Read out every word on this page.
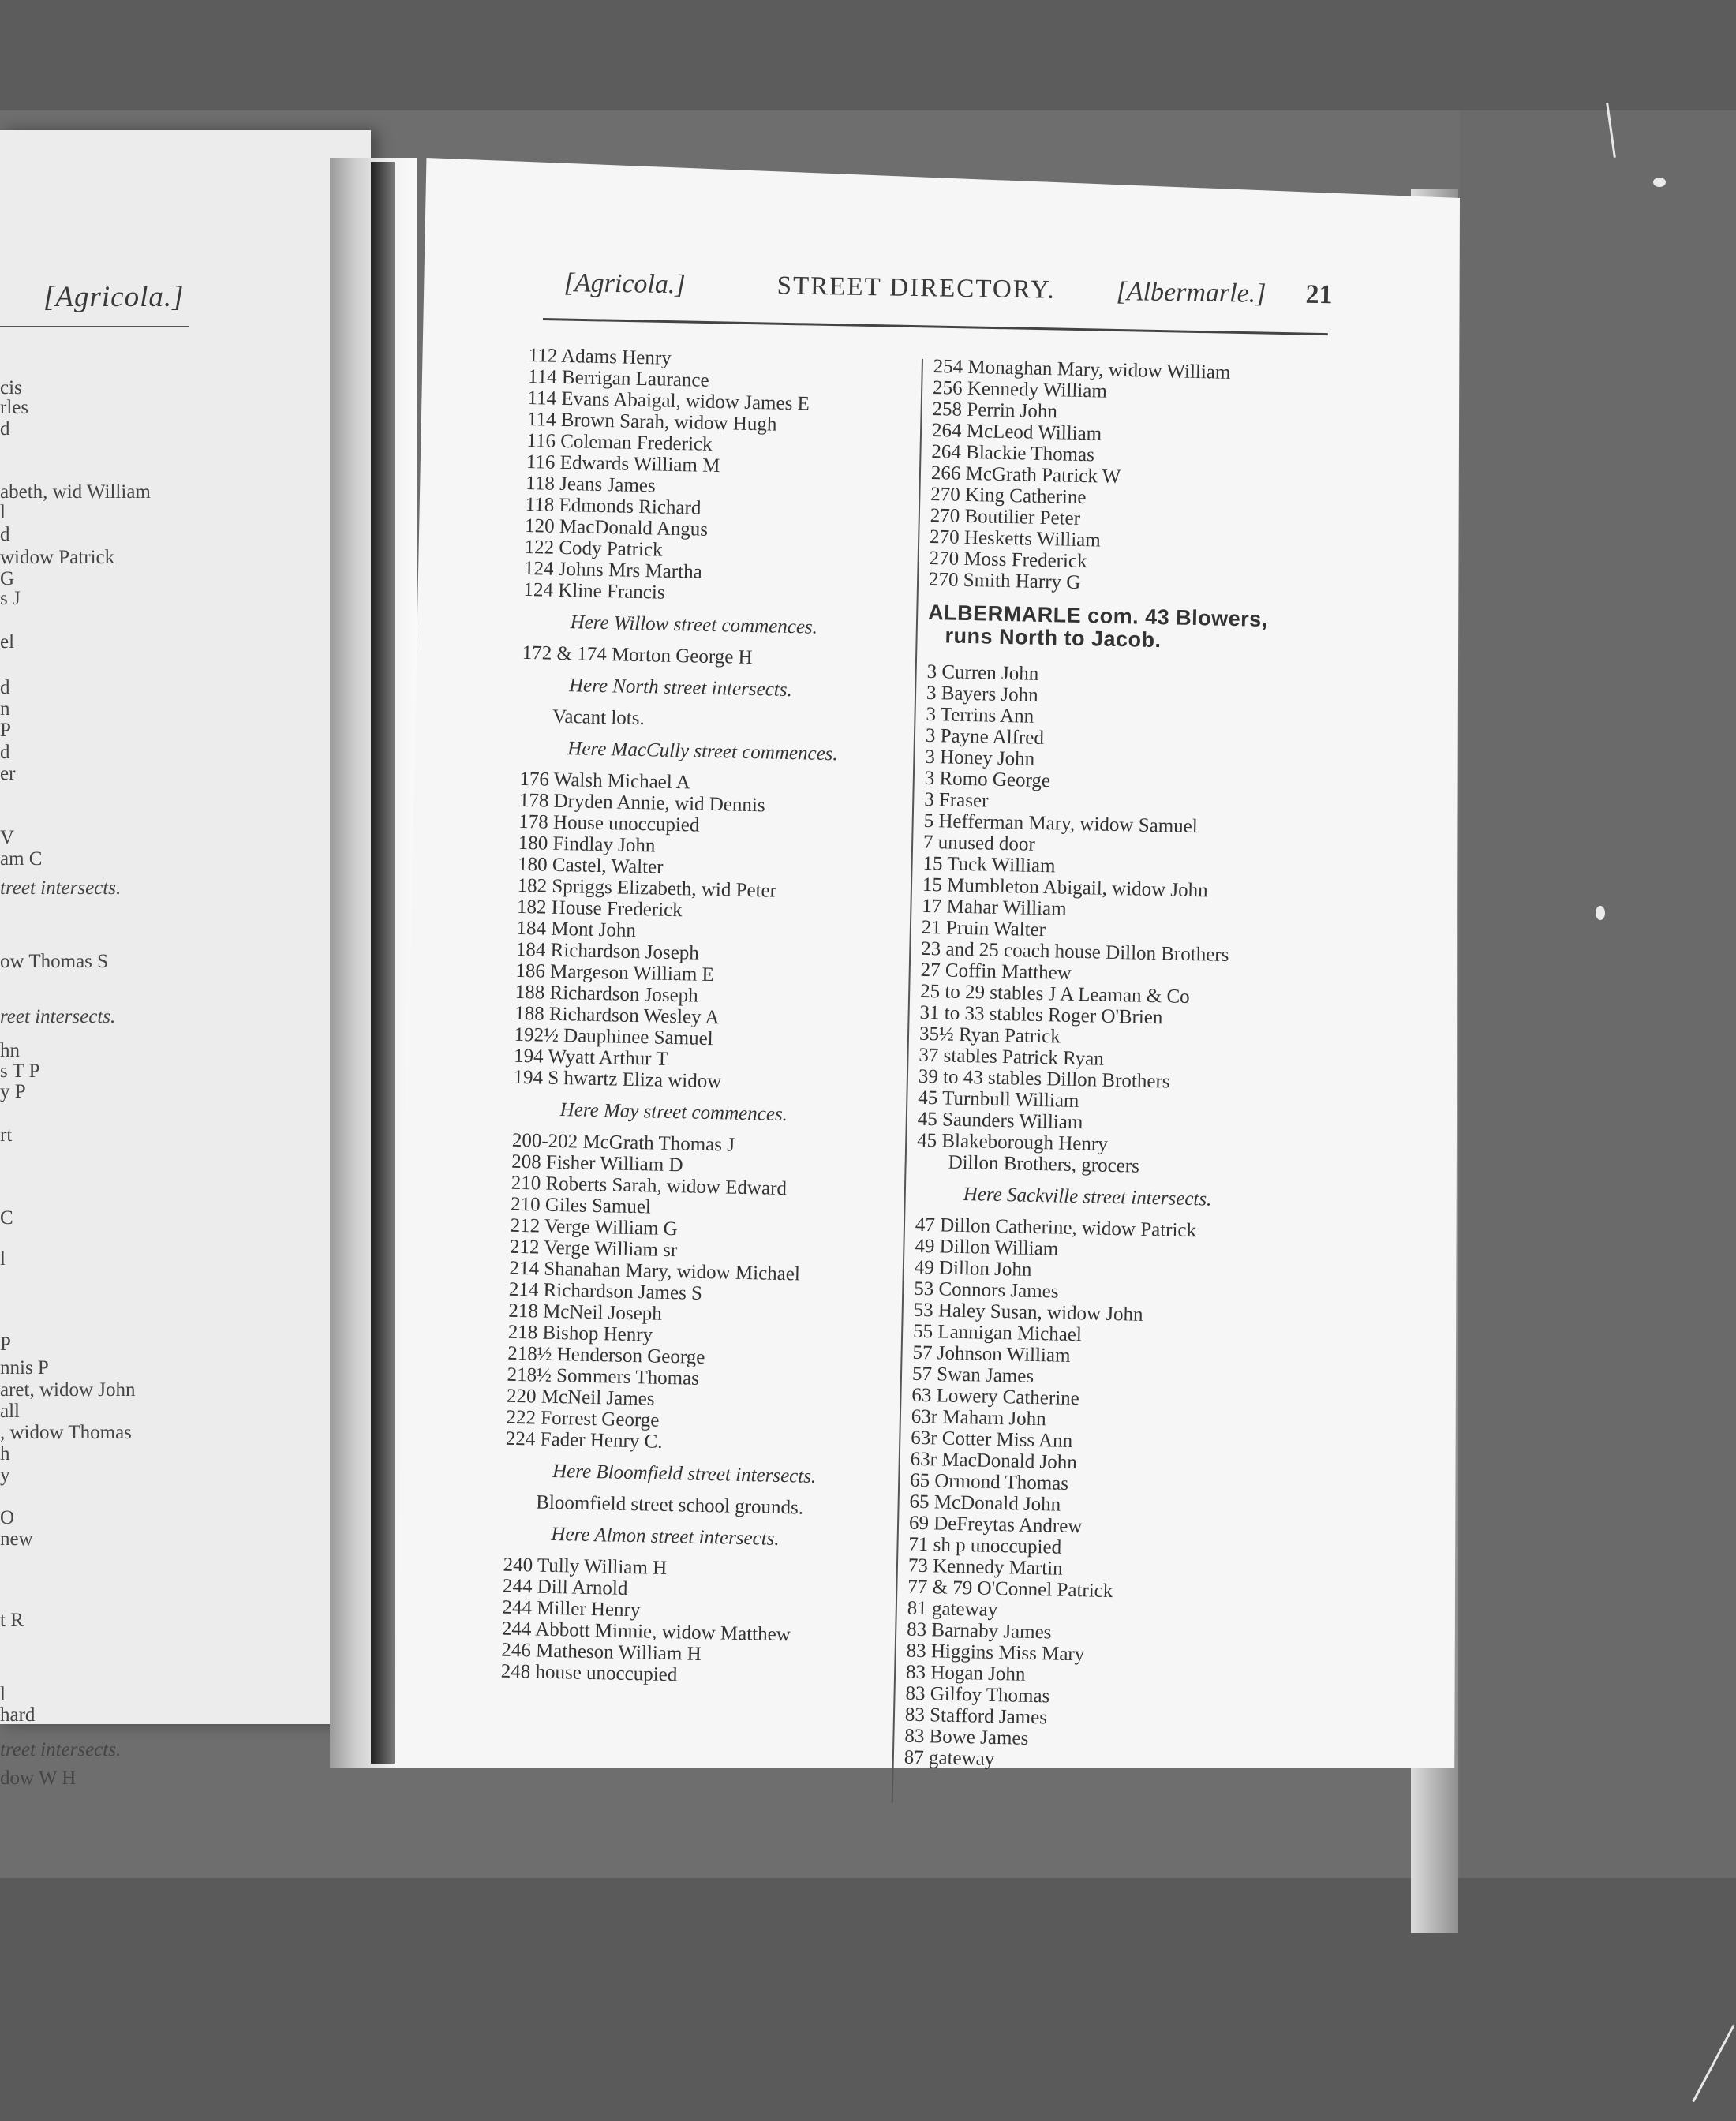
[Agricola.]
cis
rles
d
abeth, wid William
l
d
widow Patrick
G
s J
el
d
n
P
d
er
V
am C
treet intersects.
ow Thomas S
reet intersects.
hn
s T P
y P
rt
C
l
P
nnis P
aret, widow John
all
, widow Thomas
h
y
O
new
t R
l
hard
treet intersects.
dow W H
[Agricola.]	STREET DIRECTORY. [Albermarle.] 21
112 Adams Henry
114 Berrigan Laurance
114 Evans Abaigal, widow James E
114 Brown Sarah, widow Hugh
116 Coleman Frederick
116 Edwards William M
118 Jeans James
118 Edmonds Richard
120 MacDonald Angus
122 Cody Patrick
124 Johns Mrs Martha
124 Kline Francis
Here Willow street commences.
172 & 174 Morton George H
Here North street intersects.
Vacant lots.
Here MacCully street commences.
176 Walsh Michael A
178 Dryden Annie, wid Dennis
178 House unoccupied
180 Findlay John
180 Castel, Walter
182 Spriggs Elizabeth, wid Peter
182 House Frederick
184 Mont John
184 Richardson Joseph
186 Margeson William E
188 Richardson Joseph
188 Richardson Wesley A
192½ Dauphinee Samuel
194 Wyatt Arthur T
194 S hwartz Eliza widow
Here May street commences.
200-202 McGrath Thomas J
208 Fisher William D
210 Roberts Sarah, widow Edward
210 Giles Samuel
212 Verge William G
212 Verge William sr
214 Shanahan Mary, widow Michael
214 Richardson James S
218 McNeil Joseph
218 Bishop Henry
218½ Henderson George
218½ Sommers Thomas
220 McNeil James
222 Forrest George
224 Fader Henry C.
Here Bloomfield street intersects.
Bloomfield street school grounds.
Here Almon street intersects.
240 Tully William H
244 Dill Arnold
244 Miller Henry
244 Abbott Minnie, widow Matthew
246 Matheson William H
248 house unoccupied
254 Monaghan Mary, widow William
256 Kennedy William
258 Perrin John
264 McLeod William
264 Blackie Thomas
266 McGrath Patrick W
270 King Catherine
270 Boutilier Peter
270 Hesketts William
270 Moss Frederick
270 Smith Harry G
ALBERMARLE com. 43 Blowers,
runs North to Jacob.
3 Curren John
3 Bayers John
3 Terrins Ann
3 Payne Alfred
3 Honey John
3 Romo George
3 Fraser
5 Hefferman Mary, widow Samuel
7 unused door
15 Tuck William
15 Mumbleton Abigail, widow John
17 Mahar William
21 Pruin Walter
23 and 25 coach house Dillon Brothers
27 Coffin Matthew
25 to 29 stables J A Leaman & Co
31 to 33 stables Roger O'Brien
35½ Ryan Patrick
37 stables Patrick Ryan
39 to 43 stables Dillon Brothers
45 Turnbull William
45 Saunders William
45 Blakeborough Henry
Dillon Brothers, grocers
Here Sackville street intersects.
47 Dillon Catherine, widow Patrick
49 Dillon William
49 Dillon John
53 Connors James
53 Haley Susan, widow John
55 Lannigan Michael
57 Johnson William
57 Swan James
63 Lowery Catherine
63r Maharn John
63r Cotter Miss Ann
63r MacDonald John
65 Ormond Thomas
65 McDonald John
69 DeFreytas Andrew
71 sh p unoccupied
73 Kennedy Martin
77 & 79 O'Connel Patrick
81 gateway
83 Barnaby James
83 Higgins Miss Mary
83 Hogan John
83 Gilfoy Thomas
83 Stafford James
83 Bowe James
87 gateway
